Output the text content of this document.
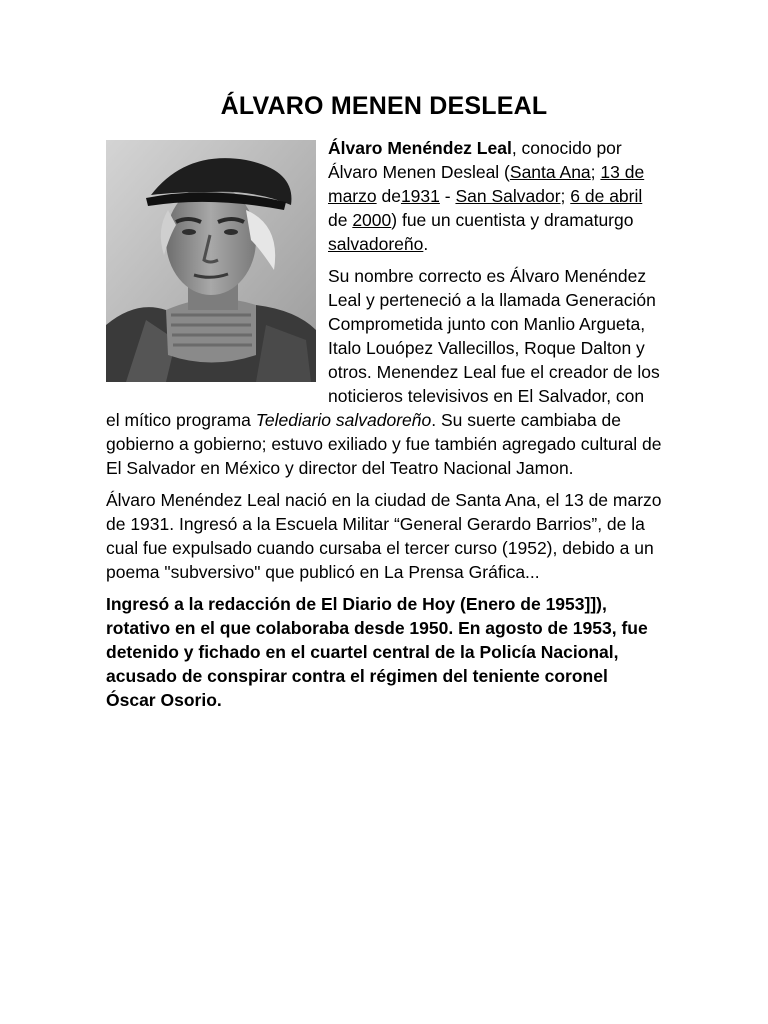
ÁLVARO MENEN DESLEAL

Álvaro Menéndez Leal, conocido por Álvaro Menen Desleal (Santa Ana; 13 de marzo de1931 - San Salvador; 6 de abril de 2000) fue un cuentista y dramaturgo salvadoreño.

Su nombre correcto es Álvaro Menéndez Leal y perteneció a la llamada Generación Comprometida junto con Manlio Argueta, Italo Louópez Vallecillos, Roque Dalton y otros. Menendez Leal fue el creador de los noticieros televisivos en El Salvador, con el mítico programa Telediario salvadoreño. Su suerte cambiaba de gobierno a gobierno; estuvo exiliado y fue también agregado cultural de El Salvador en México y director del Teatro Nacional Jamon.

Álvaro Menéndez Leal nació en la ciudad de Santa Ana, el 13 de marzo de 1931. Ingresó a la Escuela Militar “General Gerardo Barrios”, de la cual fue expulsado cuando cursaba el tercer curso (1952), debido a un poema "subversivo" que publicó en La Prensa Gráfica...

Ingresó a la redacción de El Diario de Hoy (Enero de 1953]]), rotativo en el que colaboraba desde 1950. En agosto de 1953, fue detenido y fichado en el cuartel central de la Policía Nacional, acusado de conspirar contra el régimen del teniente coronel Óscar Osorio.
